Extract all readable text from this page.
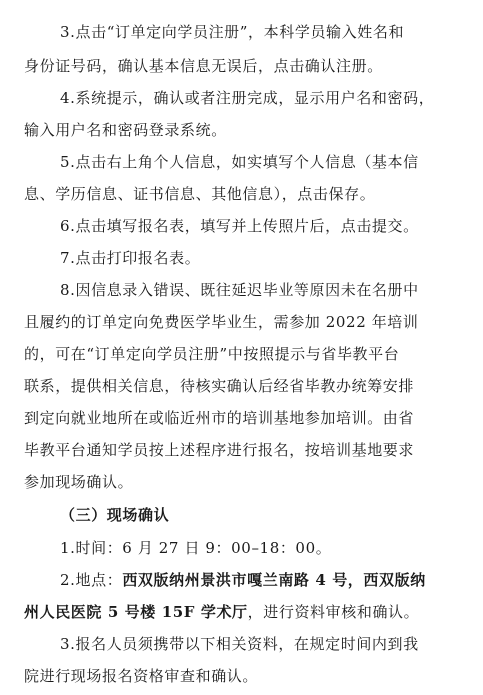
3.点击“订单定向学员注册”，本科学员输入姓名和
身份证号码，确认基本信息无误后，点击确认注册。
4.系统提示，确认或者注册完成，显示用户名和密码，
输入用户名和密码登录系统。
5.点击右上角个人信息，如实填写个人信息（基本信
息、学历信息、证书信息、其他信息），点击保存。
6.点击填写报名表，填写并上传照片后，点击提交。
7.点击打印报名表。
8.因信息录入错误、既往延迟毕业等原因未在名册中
且履约的订单定向免费医学毕业生，需参加 2022 年培训
的，可在“订单定向学员注册”中按照提示与省毕教平台
联系，提供相关信息，待核实确认后经省毕教办统筹安排
到定向就业地所在或临近州市的培训基地参加培训。由省
毕教平台通知学员按上述程序进行报名，按培训基地要求
参加现场确认。
（三）现场确认
1.时间：6 月 27 日 9：00–18：00。
2.地点：西双版纳州景洪市嘎兰南路 4 号，西双版纳
州人民医院 5 号楼 15F 学术厅，进行资料审核和确认。
3.报名人员须携带以下相关资料，在规定时间内到我
院进行现场报名资格审查和确认。
